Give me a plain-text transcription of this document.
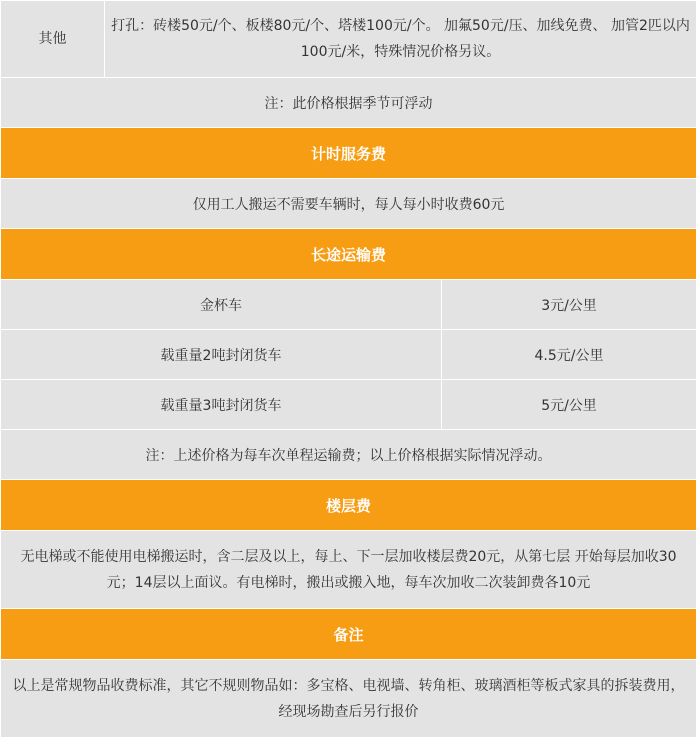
其他	打孔：砖楼50元/个、板楼80元/个、塔楼100元/个。 加氟50元/压、加线免费、 加管2匹以内100元/米，特殊情况价格另议。	
注：此价格根据季节可浮动		
计时服务费		
仅用工人搬运不需要车辆时，每人每小时收费60元		
长途运输费		
金杯车		3元/公里
载重量2吨封闭货车		4.5元/公里
载重量3吨封闭货车		5元/公里
注：上述价格为每车次单程运输费；以上价格根据实际情况浮动。		
楼层费		
无电梯或不能使用电梯搬运时，含二层及以上，每上、下一层加收楼层费20元，从第七层 开始每层加收30元；14层以上面议。有电梯时，搬出或搬入地，每车次加收二次装卸费各10元		
备注		
以上是常规物品收费标准，其它不规则物品如：多宝格、电视墙、转角柜、玻璃酒柜等板式家具的拆装费用，经现场勘查后另行报价		
